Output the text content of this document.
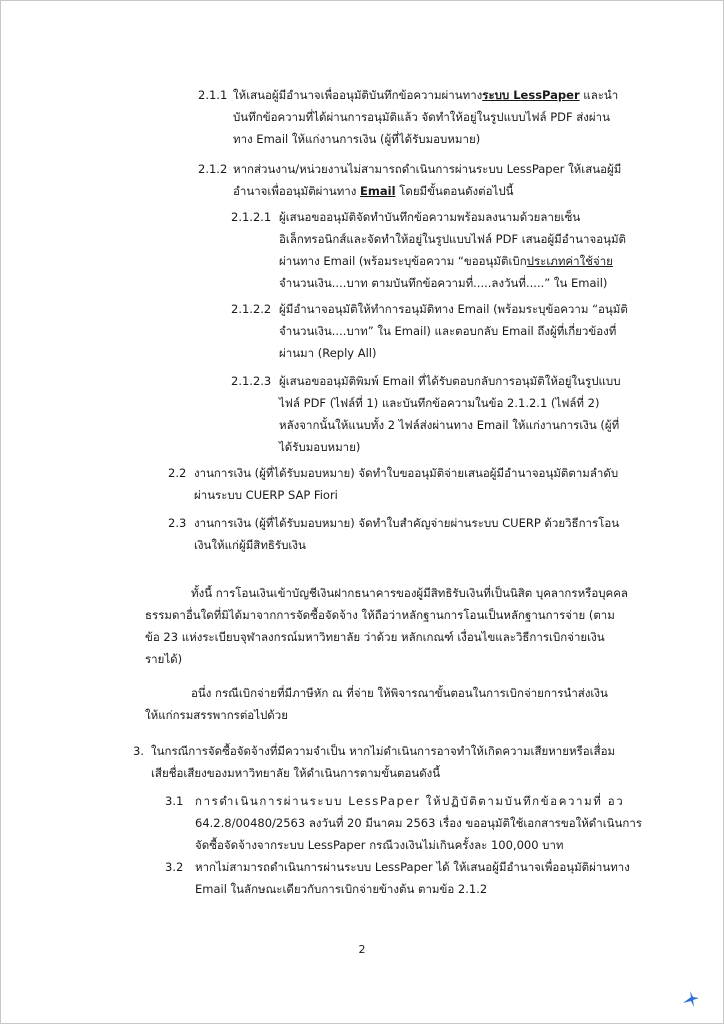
2.1.1 ให้เสนอผู้มีอำนาจเพื่ออนุมัติบันทึกข้อความผ่านทางระบบ LessPaper และนำ
บันทึกข้อความที่ได้ผ่านการอนุมัติแล้ว จัดทำให้อยู่ในรูปแบบไฟล์ PDF ส่งผ่าน
ทาง Email ให้แก่งานการเงิน (ผู้ที่ได้รับมอบหมาย)
2.1.2 หากส่วนงาน/หน่วยงานไม่สามารถดำเนินการผ่านระบบ LessPaper ให้เสนอผู้มี
อำนาจเพื่ออนุมัติผ่านทาง Email โดยมีขั้นตอนดังต่อไปนี้
2.1.2.1 ผู้เสนอขออนุมัติจัดทำบันทึกข้อความพร้อมลงนามด้วยลายเซ็น
อิเล็กทรอนิกส์และจัดทำให้อยู่ในรูปแบบไฟล์ PDF เสนอผู้มีอำนาจอนุมัติ
ผ่านทาง Email (พร้อมระบุข้อความ “ขออนุมัติเบิกประเภทค่าใช้จ่าย
จำนวนเงิน....บาท ตามบันทึกข้อความที่.....ลงวันที่.....” ใน Email)
2.1.2.2 ผู้มีอำนาจอนุมัติให้ทำการอนุมัติทาง Email (พร้อมระบุข้อความ “อนุมัติ
จำนวนเงิน....บาท” ใน Email) และตอบกลับ Email ถึงผู้ที่เกี่ยวข้องที่
ผ่านมา (Reply All)
2.1.2.3 ผู้เสนอขออนุมัติพิมพ์ Email ที่ได้รับตอบกลับการอนุมัติให้อยู่ในรูปแบบ
ไฟล์ PDF (ไฟล์ที่ 1) และบันทึกข้อความในข้อ 2.1.2.1 (ไฟล์ที่ 2)
หลังจากนั้นให้แนบทั้ง 2 ไฟล์ส่งผ่านทาง Email ให้แก่งานการเงิน (ผู้ที่
ได้รับมอบหมาย)
2.2 งานการเงิน (ผู้ที่ได้รับมอบหมาย) จัดทำใบขออนุมัติจ่ายเสนอผู้มีอำนาจอนุมัติตามลำดับ
ผ่านระบบ CUERP SAP Fiori
2.3 งานการเงิน (ผู้ที่ได้รับมอบหมาย) จัดทำใบสำคัญจ่ายผ่านระบบ CUERP ด้วยวิธีการโอน
เงินให้แก่ผู้มีสิทธิรับเงิน
ทั้งนี้ การโอนเงินเข้าบัญชีเงินฝากธนาคารของผู้มีสิทธิรับเงินที่เป็นนิสิต บุคลากรหรือบุคคล
ธรรมดาอื่นใดที่มิได้มาจากการจัดซื้อจัดจ้าง ให้ถือว่าหลักฐานการโอนเป็นหลักฐานการจ่าย (ตาม
ข้อ 23 แห่งระเบียบจุฬาลงกรณ์มหาวิทยาลัย ว่าด้วย หลักเกณฑ์ เงื่อนไขและวิธีการเบิกจ่ายเงิน
รายได้)
อนึ่ง กรณีเบิกจ่ายที่มีภาษีหัก ณ ที่จ่าย ให้พิจารณาขั้นตอนในการเบิกจ่ายการนำส่งเงิน
ให้แก่กรมสรรพากรต่อไปด้วย
3. ในกรณีการจัดซื้อจัดจ้างที่มีความจำเป็น หากไม่ดำเนินการอาจทำให้เกิดความเสียหายหรือเสื่อม
เสียชื่อเสียงของมหาวิทยาลัย ให้ดำเนินการตามขั้นตอนดังนี้
3.1 การดำเนินการผ่านระบบ LessPaper ให้ปฏิบัติตามบันทึกข้อความที่ อว
64.2.8/00480/2563 ลงวันที่ 20 มีนาคม 2563 เรื่อง ขออนุมัติใช้เอกสารขอให้ดำเนินการ
จัดซื้อจัดจ้างจากระบบ LessPaper กรณีวงเงินไม่เกินครั้งละ 100,000 บาท
3.2 หากไม่สามารถดำเนินการผ่านระบบ LessPaper ได้ ให้เสนอผู้มีอำนาจเพื่ออนุมัติผ่านทาง
Email ในลักษณะเดียวกับการเบิกจ่ายข้างต้น ตามข้อ 2.1.2
2
